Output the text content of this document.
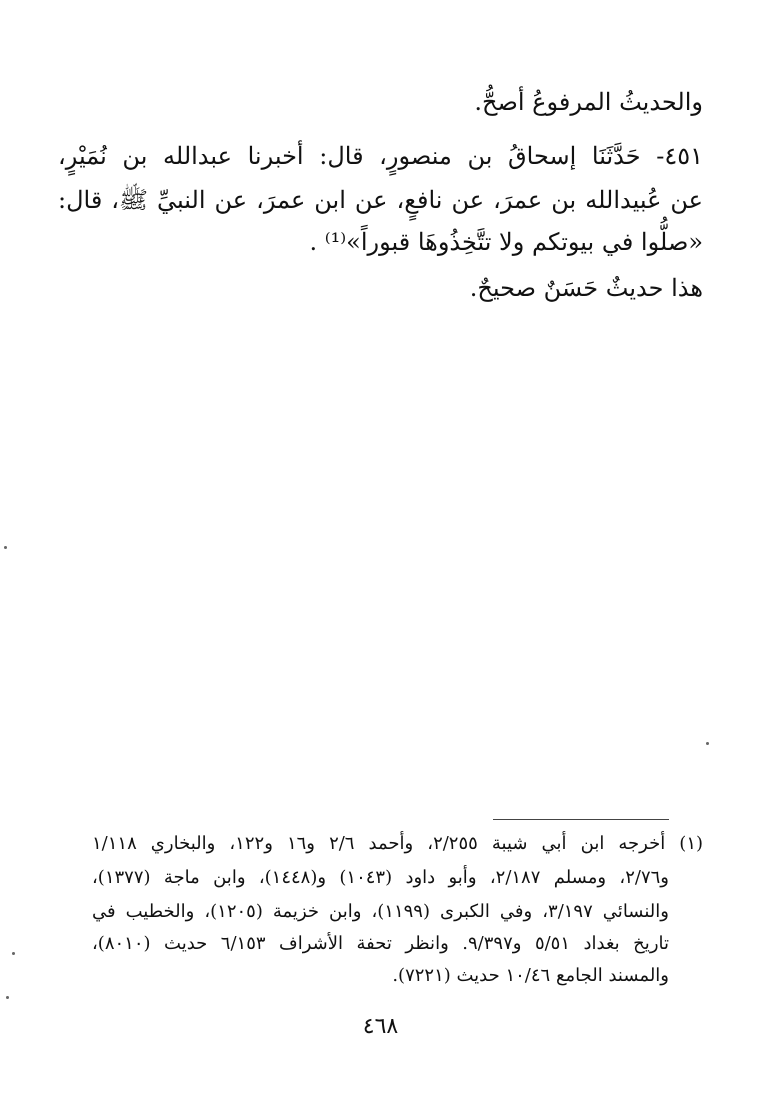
والحديثُ المرفوعُ أصحُّ.
٤٥١- حَدَّثَنَا إسحاقُ بن منصورٍ، قال: أخبرنا عبدالله بن نُمَيْرٍ،
عن عُبيدالله بن عمرَ، عن نافعٍ، عن ابن عمرَ، عن النبيِّ ﷺ، قال:
«صلُّوا في بيوتكم ولا تتَّخِذُوهَا قبوراً»⁽¹⁾ .
هذا حديثٌ حَسَنٌ صحيحٌ.
(١) أخرجه ابن أبي شيبة ٢/٢٥٥، وأحمد ٢/٦ و١٦ و١٢٢، والبخاري ١/١١٨
و٢/٧٦، ومسلم ٢/١٨٧، وأبو داود (١٠٤٣) و(١٤٤٨)، وابن ماجة (١٣٧٧)،
والنسائي ٣/١٩٧، وفي الكبرى (١١٩٩)، وابن خزيمة (١٢٠٥)، والخطيب في
تاريخ بغداد ٥/٥١ و٩/٣٩٧. وانظر تحفة الأشراف ٦/١٥٣ حديث (٨٠١٠)،
والمسند الجامع ١٠/٤٦ حديث (٧٢٢١).
٤٦٨
